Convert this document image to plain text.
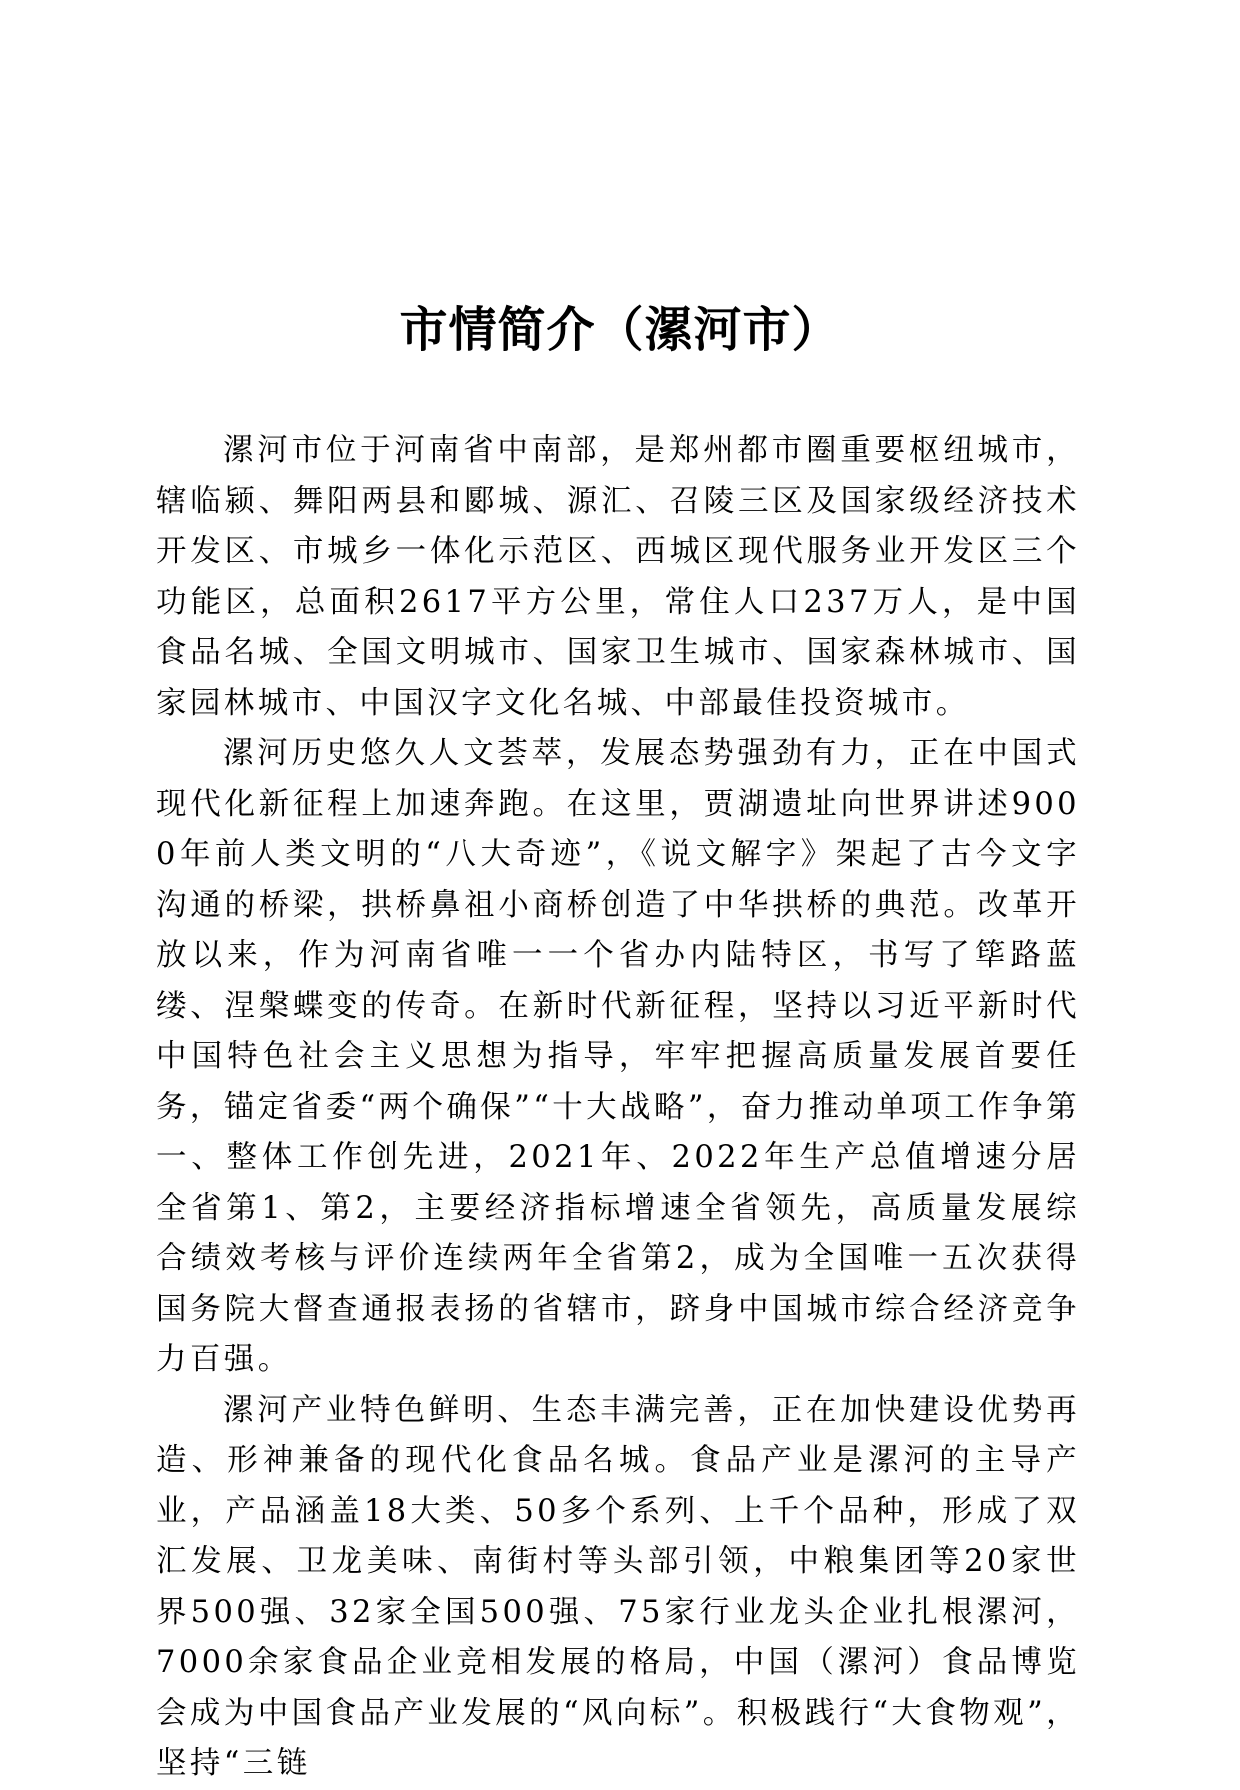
市情简介（漯河市）

漯河市位于河南省中南部，是郑州都市圈重要枢纽城市，辖临颍、舞阳两县和郾城、源汇、召陵三区及国家级经济技术开发区、市城乡一体化示范区、西城区现代服务业开发区三个功能区，总面积2617平方公里，常住人口237万人，是中国食品名城、全国文明城市、国家卫生城市、国家森林城市、国家园林城市、中国汉字文化名城、中部最佳投资城市。

漯河历史悠久人文荟萃，发展态势强劲有力，正在中国式现代化新征程上加速奔跑。在这里，贾湖遗址向世界讲述9000年前人类文明的“八大奇迹”，《说文解字》架起了古今文字沟通的桥梁，拱桥鼻祖小商桥创造了中华拱桥的典范。改革开放以来，作为河南省唯一一个省办内陆特区，书写了筚路蓝缕、涅槃蝶变的传奇。在新时代新征程，坚持以习近平新时代中国特色社会主义思想为指导，牢牢把握高质量发展首要任务，锚定省委“两个确保”“十大战略”，奋力推动单项工作争第一、整体工作创先进，2021年、2022年生产总值增速分居全省第1、第2，主要经济指标增速全省领先，高质量发展综合绩效考核与评价连续两年全省第2，成为全国唯一五次获得国务院大督查通报表扬的省辖市，跻身中国城市综合经济竞争力百强。

漯河产业特色鲜明、生态丰满完善，正在加快建设优势再造、形神兼备的现代化食品名城。食品产业是漯河的主导产业，产品涵盖18大类、50多个系列、上千个品种，形成了双汇发展、卫龙美味、南街村等头部引领，中粮集团等20家世界500强、32家全国500强、75家行业龙头企业扎根漯河，7000余家食品企业竞相发展的格局，中国（漯河）食品博览会成为中国食品产业发展的“风向标”。积极践行“大食物观”，坚持“三链
